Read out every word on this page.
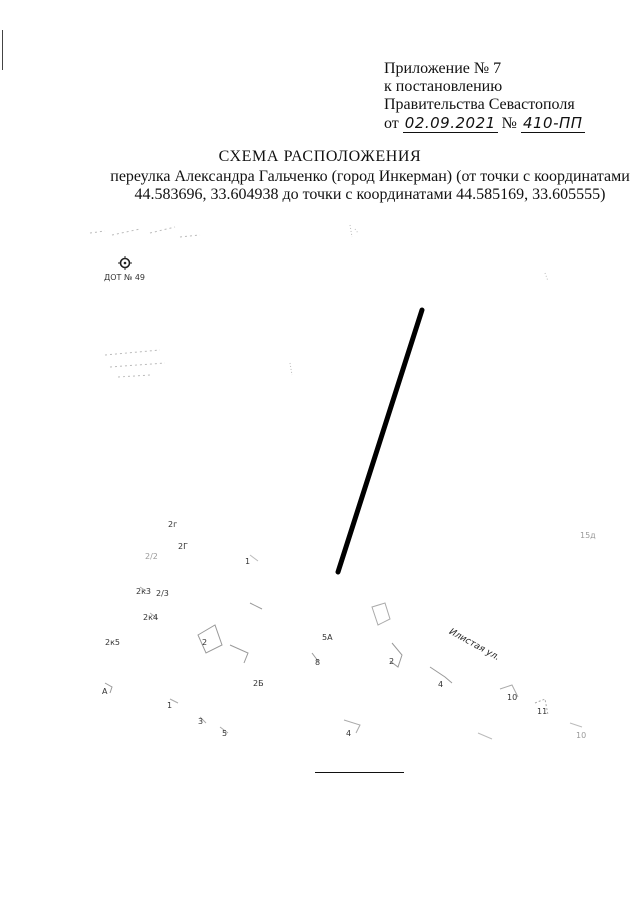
Приложение № 7
к постановлению
Правительства Севастополя
от 02.09.2021 № 410-ПП
СХЕМА РАСПОЛОЖЕНИЯ
переулка Александра Гальченко (город Инкерман) (от точки с координатами 44.583696, 33.604938 до точки с координатами 44.585169, 33.605555)
ДОТ № 49
2г
2Г
2/2
1
2к3 2/3
2к4
2к5	2
5А
8	2
4
2Б
А
1
3
5	4
10
11
10
15д
Илистая ул.
